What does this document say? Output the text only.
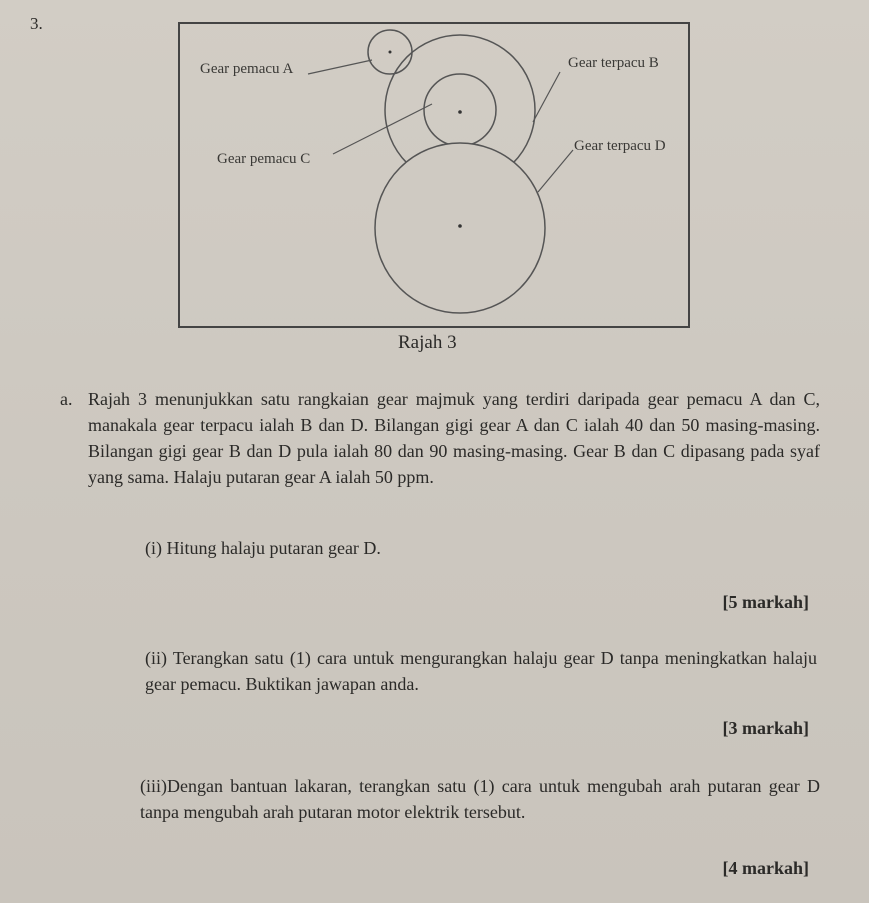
3.
Gear pemacu A	Gear terpacu B
Gear pemacu C
Gear terpacu D
Rajah 3
a. Rajah 3 menunjukkan satu rangkaian gear majmuk yang terdiri daripada gear pemacu A dan C, manakala gear terpacu ialah B dan D. Bilangan gigi gear A dan C ialah 40 dan 50 masing-masing. Bilangan gigi gear B dan D pula ialah 80 dan 90 masing-masing. Gear B dan C dipasang pada syaf yang sama. Halaju putaran gear A ialah 50 ppm.
(i) Hitung halaju putaran gear D.
[5 markah]
(ii) Terangkan satu (1) cara untuk mengurangkan halaju gear D tanpa meningkatkan halaju gear pemacu. Buktikan jawapan anda.
[3 markah]
(iii)Dengan bantuan lakaran, terangkan satu (1) cara untuk mengubah arah putaran gear D tanpa mengubah arah putaran motor elektrik tersebut.
[4 markah]
